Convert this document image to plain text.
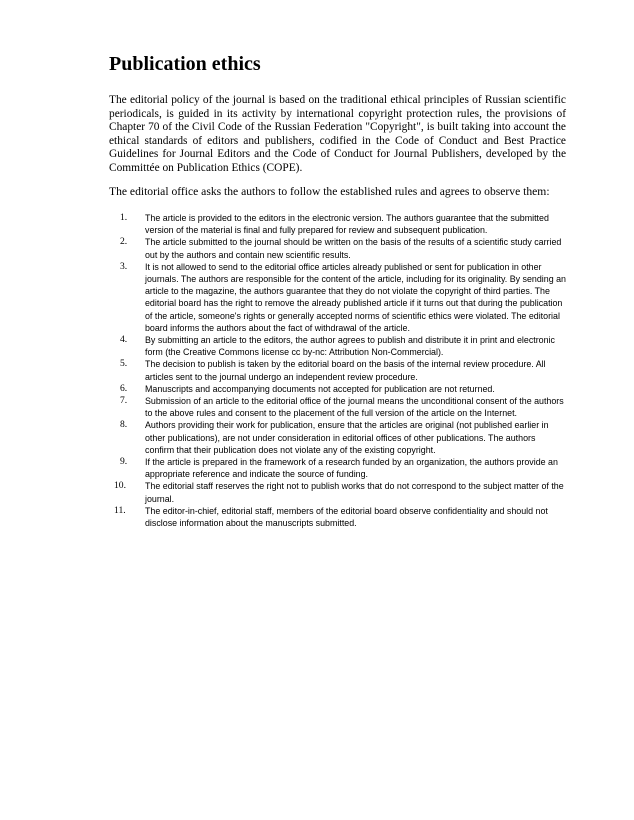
Publication ethics

The editorial policy of the journal is based on the traditional ethical principles of Russian scientific periodicals, is guided in its activity by international copyright protection rules, the provisions of Chapter 70 of the Civil Code of the Russian Federation "Copyright", is built taking into account the ethical standards of editors and publishers, codified in the Code of Conduct and Best Practice Guidelines for Journal Editors and the Code of Conduct for Journal Publishers, developed by the Committée on Publication Ethics (COPE).

The editorial office asks the authors to follow the established rules and agrees to observe them:

1.	The article is provided to the editors in the electronic version. The authors guarantee that the submitted version of the material is final and fully prepared for review and subsequent publication.
2.	The article submitted to the journal should be written on the basis of the results of a scientific study carried out by the authors and contain new scientific results.
3.	It is not allowed to send to the editorial office articles already published or sent for publication in other journals. The authors are responsible for the content of the article, including for its originality. By sending an article to the magazine, the authors guarantee that they do not violate the copyright of third parties. The editorial board has the right to remove the already published article if it turns out that during the publication of the article, someone's rights or generally accepted norms of scientific ethics were violated. The editorial board informs the authors about the fact of withdrawal of the article.
4.	By submitting an article to the editors, the author agrees to publish and distribute it in print and electronic form (the Creative Commons license cc by-nc: Attribution Non-Commercial).
5.	The decision to publish is taken by the editorial board on the basis of the internal review procedure. All articles sent to the journal undergo an independent review procedure.
6.	Manuscripts and accompanying documents not accepted for publication are not returned.
7.	Submission of an article to the editorial office of the journal means the unconditional consent of the authors to the above rules and consent to the placement of the full version of the article on the Internet.
8.	Authors providing their work for publication, ensure that the articles are original (not published earlier in other publications), are not under consideration in editorial offices of other publications. The authors confirm that their publication does not violate any of the existing copyright.
9.	If the article is prepared in the framework of a research funded by an organization, the authors provide an appropriate reference and indicate the source of funding.
10.	The editorial staff reserves the right not to publish works that do not correspond to the subject matter of the journal.
11.	The editor-in-chief, editorial staff, members of the editorial board observe confidentiality and should not disclose information about the manuscripts submitted.
